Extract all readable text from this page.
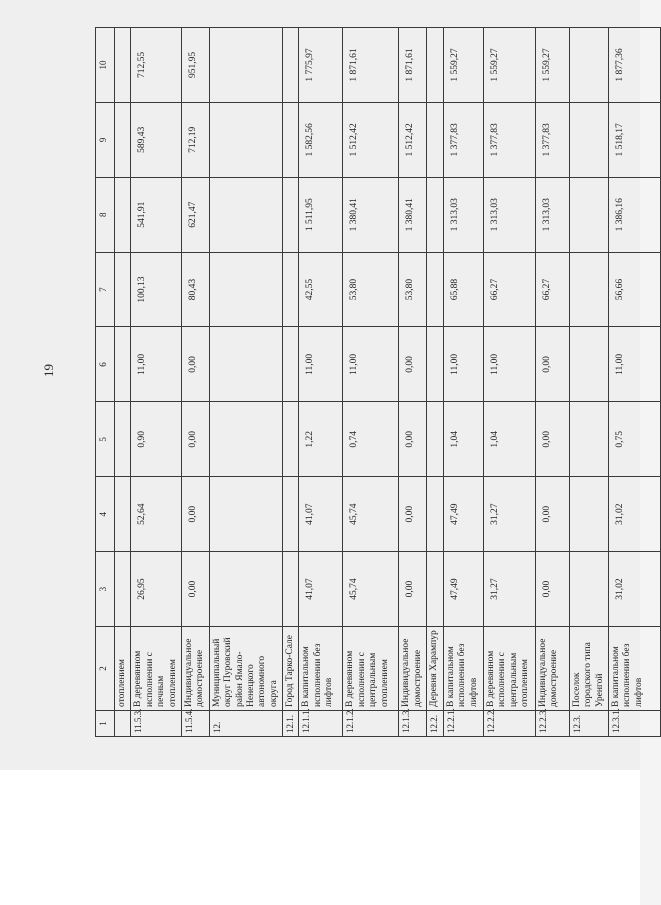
19
1	2	3	4	5	6	7	8	9	10
	отоплением								
11.5.3.	В деревянном исполнении с печным отоплением	26,95	52,64	0,90	11,00	100,13	541,91	589,43	712,55
11.5.4.	Индивидуальное домостроение	0,00	0,00	0,00	0,00	80,43	621,47	712,19	951,95
12.	Муниципальный округ Пуровский район Ямало-Ненецкого автономного округа								
12.1.	Город Тарко-Сале								
12.1.1.	В капитальном исполнении без лифтов	41,07	41,07	1,22	11,00	42,55	1 511,95	1 582,56	1 775,97
12.1.2.	В деревянном исполнении с центральным отоплением	45,74	45,74	0,74	11,00	53,80	1 380,41	1 512,42	1 871,61
12.1.3.	Индивидуальное домостроение	0,00	0,00	0,00	0,00	53,80	1 380,41	1 512,42	1 871,61
12.2.	Деревня Харампур								
12.2.1.	В капитальном исполнении без лифтов	47,49	47,49	1,04	11,00	65,88	1 313,03	1 377,83	1 559,27
12.2.2.	В деревянном исполнении с центральным отоплением	31,27	31,27	1,04	11,00	66,27	1 313,03	1 377,83	1 559,27
12.2.3.	Индивидуальное домостроение	0,00	0,00	0,00	0,00	66,27	1 313,03	1 377,83	1 559,27
12.3.	Поселок городского типа Уренгой								
12.3.1.	В капитальном исполнении без лифтов	31,02	31,02	0,75	11,00	56,66	1 386,16	1 518,17	1 877,36
